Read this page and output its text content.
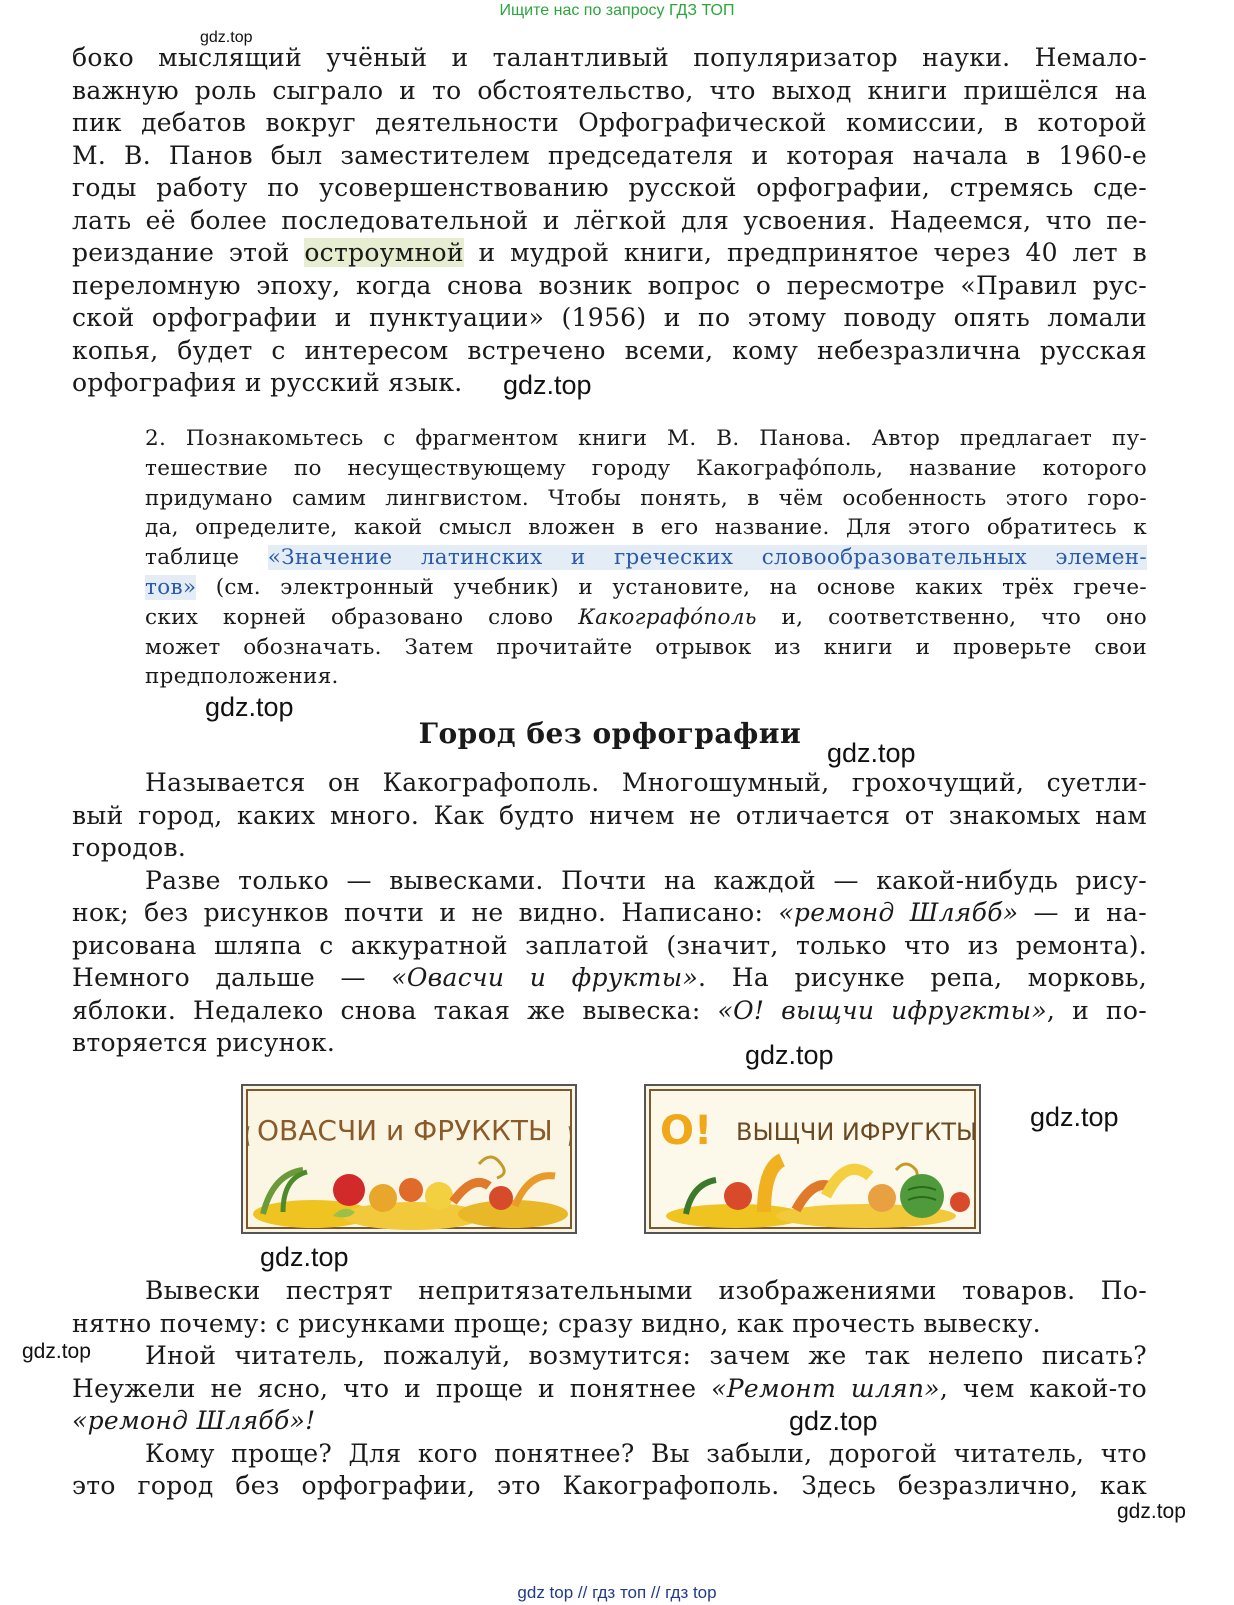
Ищите нас по запросу ГДЗ ТОП
gdz.top
gdz.top
gdz.top
gdz.top
gdz.top
gdz.top
gdz.top
gdz.top
gdz.top
gdz.top
боко мыслящий учёный и талантливый популяризатор науки. Немало-
важную роль сыграло и то обстоятельство, что выход книги пришёлся на
пик дебатов вокруг деятельности Орфографической комиссии, в которой
М. В. Панов был заместителем председателя и которая начала в 1960-е
годы работу по усовершенствованию русской орфографии, стремясь сде-
лать её более последовательной и лёгкой для усвоения. Надеемся, что пе-
реиздание этой остроумной и мудрой книги, предпринятое через 40 лет в
переломную эпоху, когда снова возник вопрос о пересмотре «Правил рус-
ской орфографии и пунктуации» (1956) и по этому поводу опять ломали
копья, будет с интересом встречено всеми, кому небезразлична русская
орфография и русский язык.
2. Познакомьтесь с фрагментом книги М. В. Панова. Автор предлагает пу-
тешествие по несуществующему городу Какографóполь, название которого
придумано самим лингвистом. Чтобы понять, в чём особенность этого горо-
да, определите, какой смысл вложен в его название. Для этого обратитесь к
таблице «Значение латинских и греческих словообразовательных элемен-
тов» (см. электронный учебник) и установите, на основе каких трёх грече-
ских корней образовано слово Какографóполь и, соответственно, что оно
может обозначать. Затем прочитайте отрывок из книги и проверьте свои
предположения.
Город без орфографии
Называется он Какографополь. Многошумный, грохочущий, суетли-
вый город, каких много. Как будто ничем не отличается от знакомых нам
городов.
Разве только — вывесками. Почти на каждой — какой-нибудь рису-
нок; без рисунков почти и не видно. Написано: «ремонд Шлябб» — и на-
рисована шляпа с аккуратной заплатой (значит, только что из ремонта).
Немного дальше — «Овасчи и фрукты». На рисунке репа, морковь,
яблоки. Недалеко снова такая же вывеска: «О! выщчи ифругкты», и по-
вторяется рисунок.
ОВАСЧИ и ФРУККТЫ	О! ВЫЩЧИ ИФРУГКТЫ
Вывески пестрят непритязательными изображениями товаров. По-
нятно почему: с рисунками проще; сразу видно, как прочесть вывеску.
Иной читатель, пожалуй, возмутится: зачем же так нелепо писать?
Неужели не ясно, что и проще и понятнее «Ремонт шляп», чем какой-то
«ремонд Шлябб»!
Кому проще? Для кого понятнее? Вы забыли, дорогой читатель, что
это город без орфографии, это Какографополь. Здесь безразлично, как
gdz top // гдз топ // гдз top
